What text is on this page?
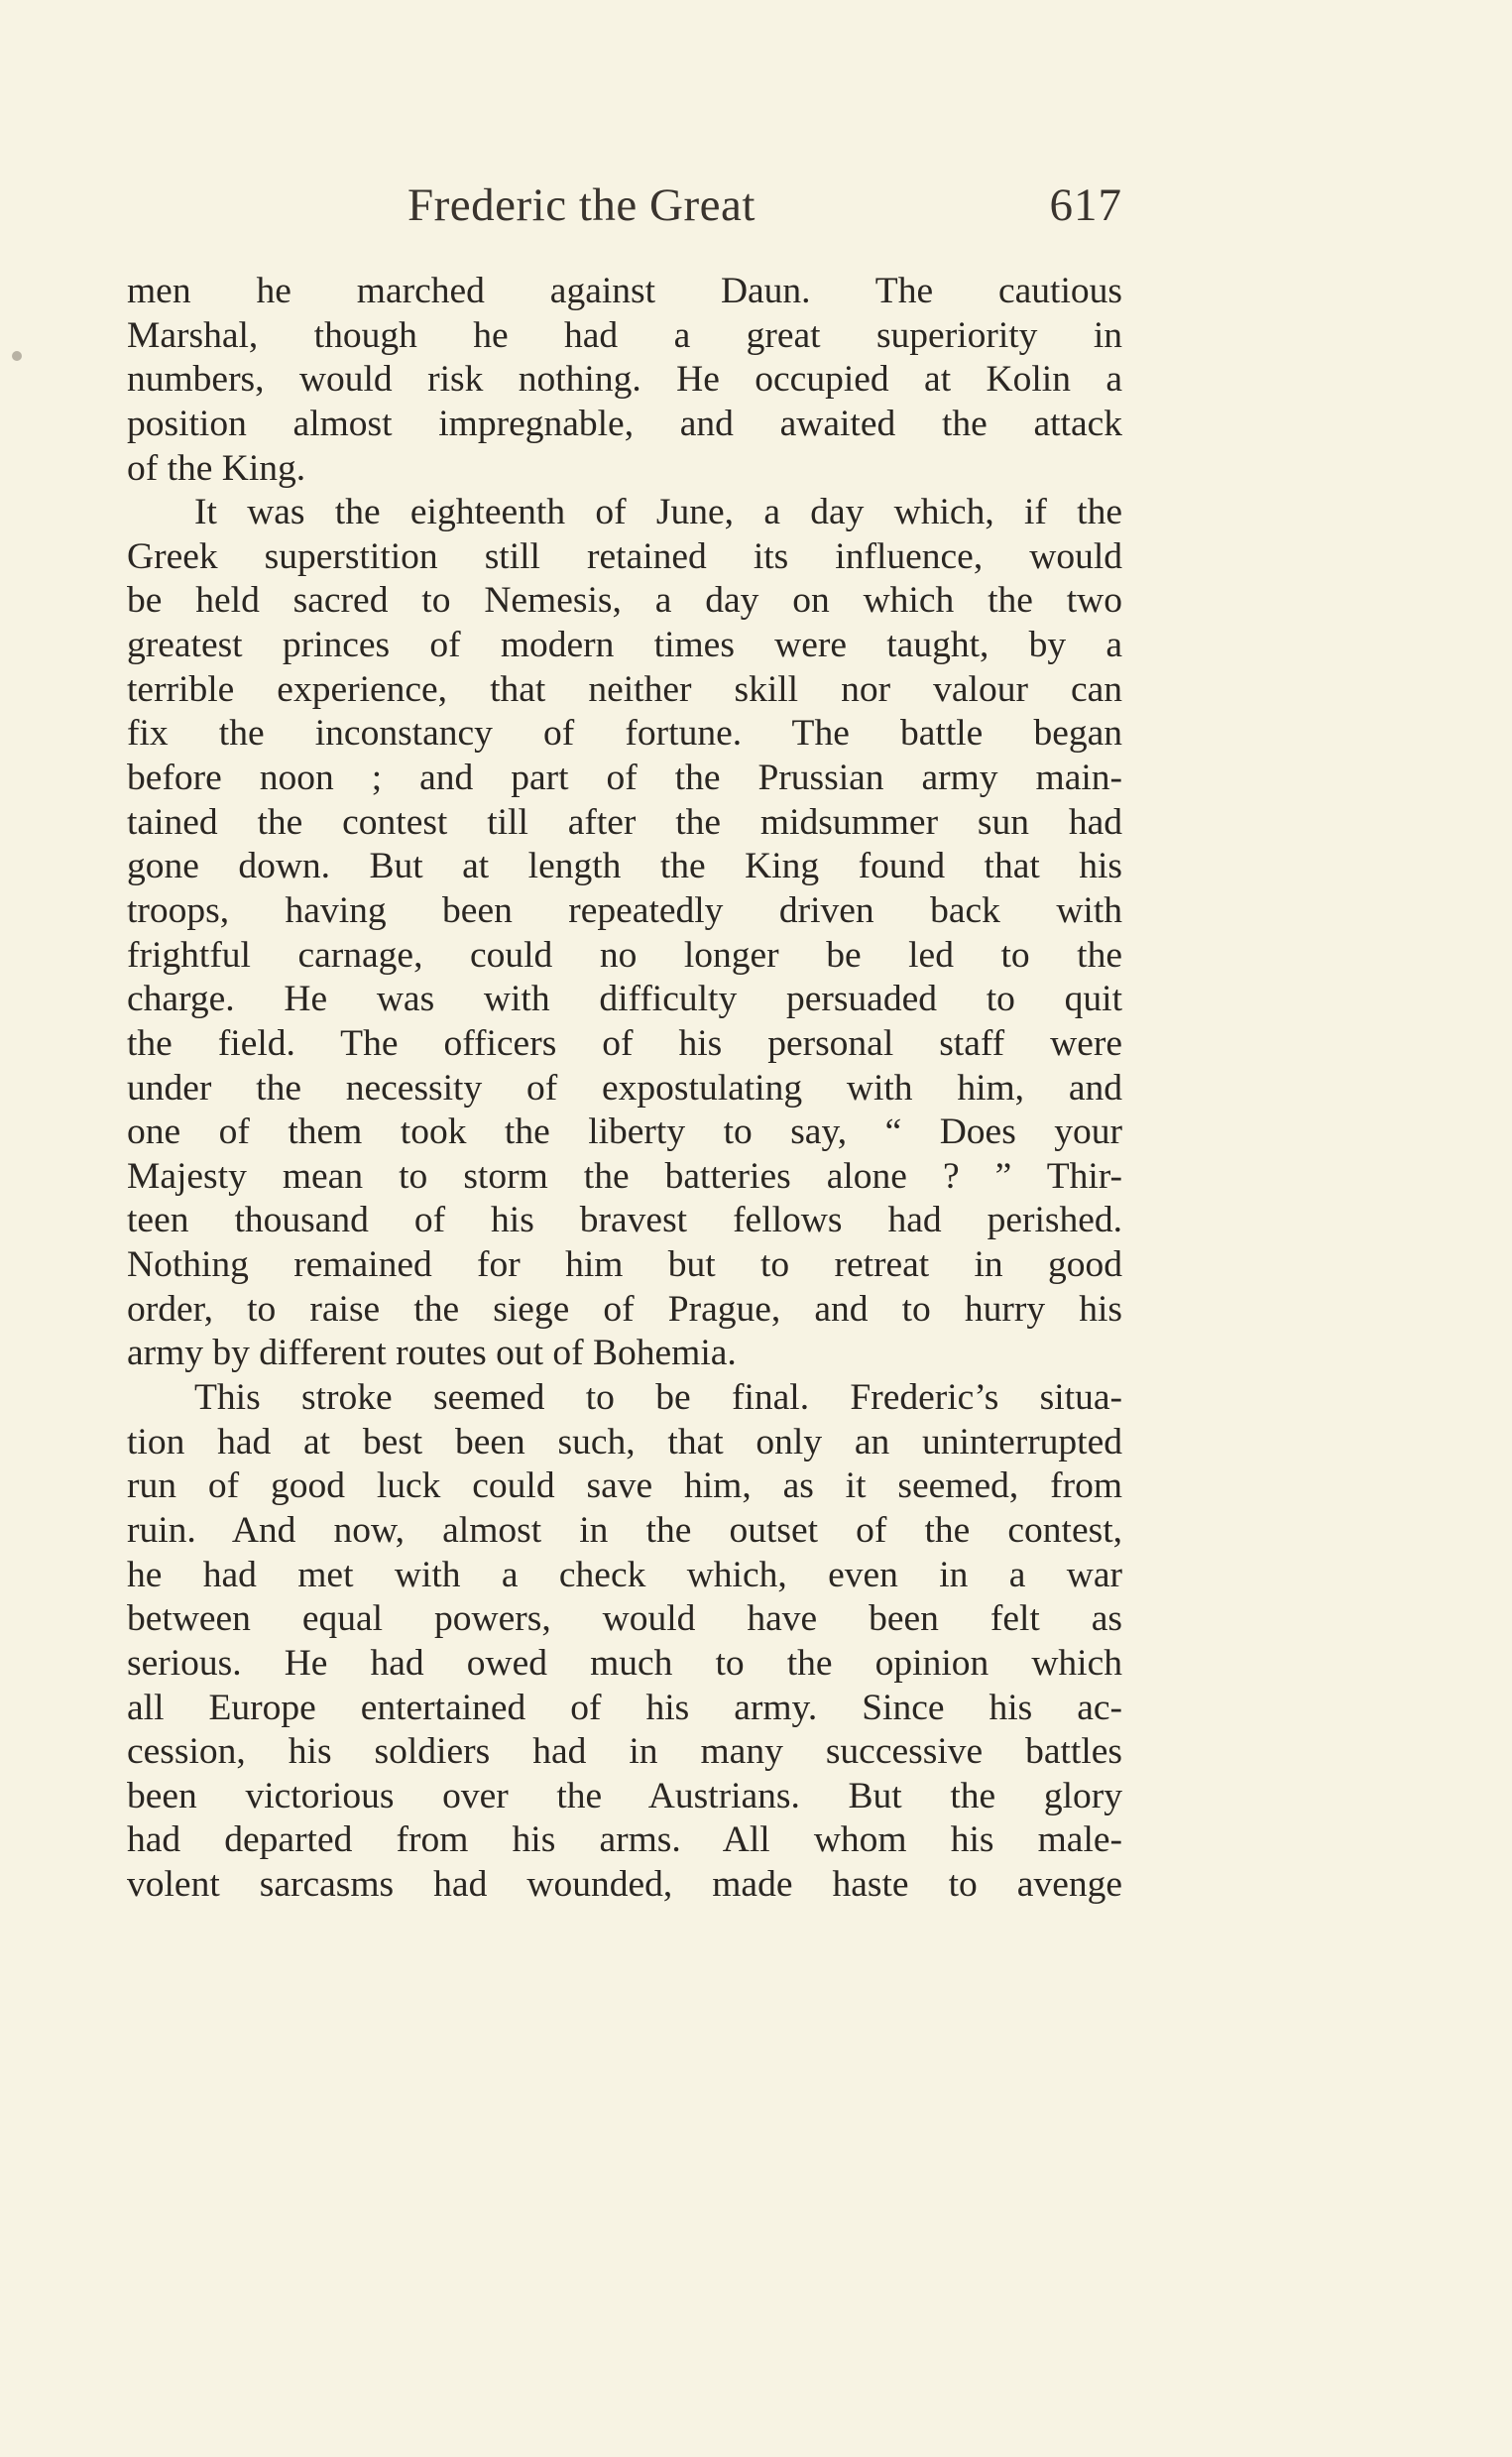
Frederic the Great	617
men he marched against Daun. The cautious
Marshal, though he had a great superiority in
numbers, would risk nothing. He occupied at Kolin a
position almost impregnable, and awaited the attack
of the King.
It was the eighteenth of June, a day which, if the
Greek superstition still retained its influence, would
be held sacred to Nemesis, a day on which the two
greatest princes of modern times were taught, by a
terrible experience, that neither skill nor valour can
fix the inconstancy of fortune. The battle began
before noon ; and part of the Prussian army main-
tained the contest till after the midsummer sun had
gone down. But at length the King found that his
troops, having been repeatedly driven back with
frightful carnage, could no longer be led to the
charge. He was with difficulty persuaded to quit
the field. The officers of his personal staff were
under the necessity of expostulating with him, and
one of them took the liberty to say, “ Does your
Majesty mean to storm the batteries alone ? ” Thir-
teen thousand of his bravest fellows had perished.
Nothing remained for him but to retreat in good
order, to raise the siege of Prague, and to hurry his
army by different routes out of Bohemia.
This stroke seemed to be final. Frederic’s situa-
tion had at best been such, that only an uninterrupted
run of good luck could save him, as it seemed, from
ruin. And now, almost in the outset of the contest,
he had met with a check which, even in a war
between equal powers, would have been felt as
serious. He had owed much to the opinion which
all Europe entertained of his army. Since his ac-
cession, his soldiers had in many successive battles
been victorious over the Austrians. But the glory
had departed from his arms. All whom his male-
volent sarcasms had wounded, made haste to avenge
